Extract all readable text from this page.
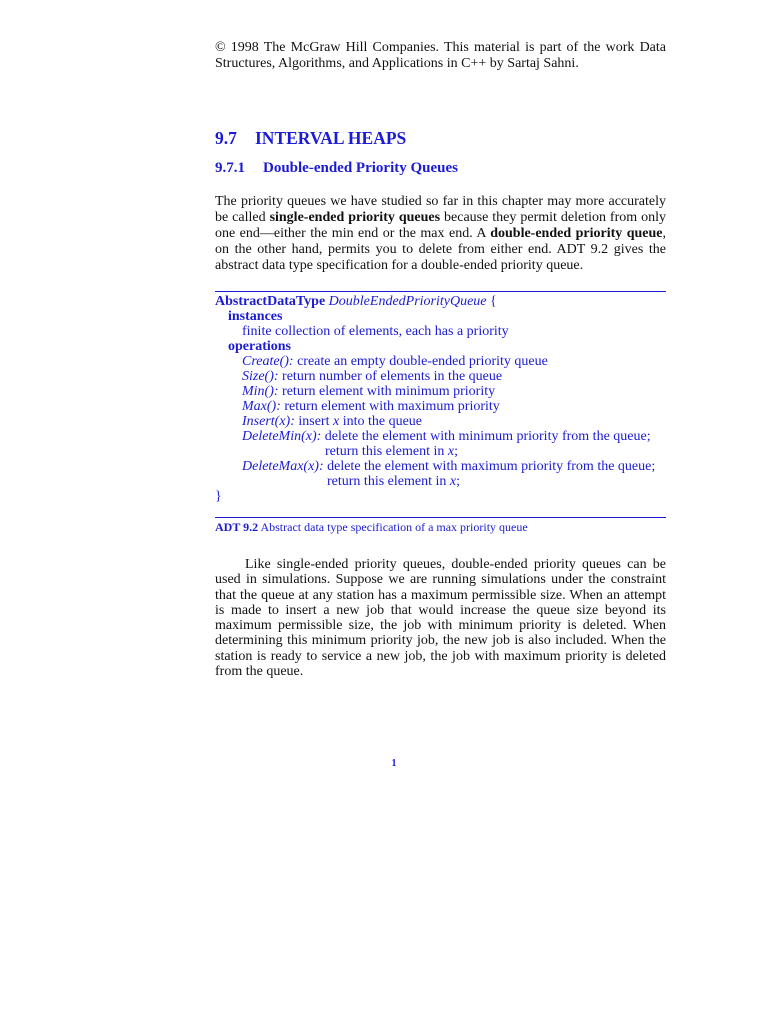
© 1998 The McGraw Hill Companies. This material is part of the work Data Structures, Algorithms, and Applications in C++ by Sartaj Sahni.
9.7 INTERVAL HEAPS
9.7.1 Double-ended Priority Queues
The priority queues we have studied so far in this chapter may more accurately be called single-ended priority queues because they permit deletion from only one end—either the min end or the max end. A double-ended priority queue, on the other hand, permits you to delete from either end. ADT 9.2 gives the abstract data type specification for a double-ended priority queue.
AbstractDataType DoubleEndedPriorityQueue {
instances
finite collection of elements, each has a priority
operations
Create(): create an empty double-ended priority queue
Size(): return number of elements in the queue
Min(): return element with minimum priority
Max(): return element with maximum priority
Insert(x): insert x into the queue
DeleteMin(x): delete the element with minimum priority from the queue;
return this element in x;
DeleteMax(x): delete the element with maximum priority from the queue;
return this element in x;
}
ADT 9.2 Abstract data type specification of a max priority queue
Like single-ended priority queues, double-ended priority queues can be used in simulations. Suppose we are running simulations under the constraint that the queue at any station has a maximum permissible size. When an attempt is made to insert a new job that would increase the queue size beyond its maximum permissible size, the job with minimum priority is deleted. When determining this minimum priority job, the new job is also included. When the station is ready to service a new job, the job with maximum priority is deleted from the queue.
1
